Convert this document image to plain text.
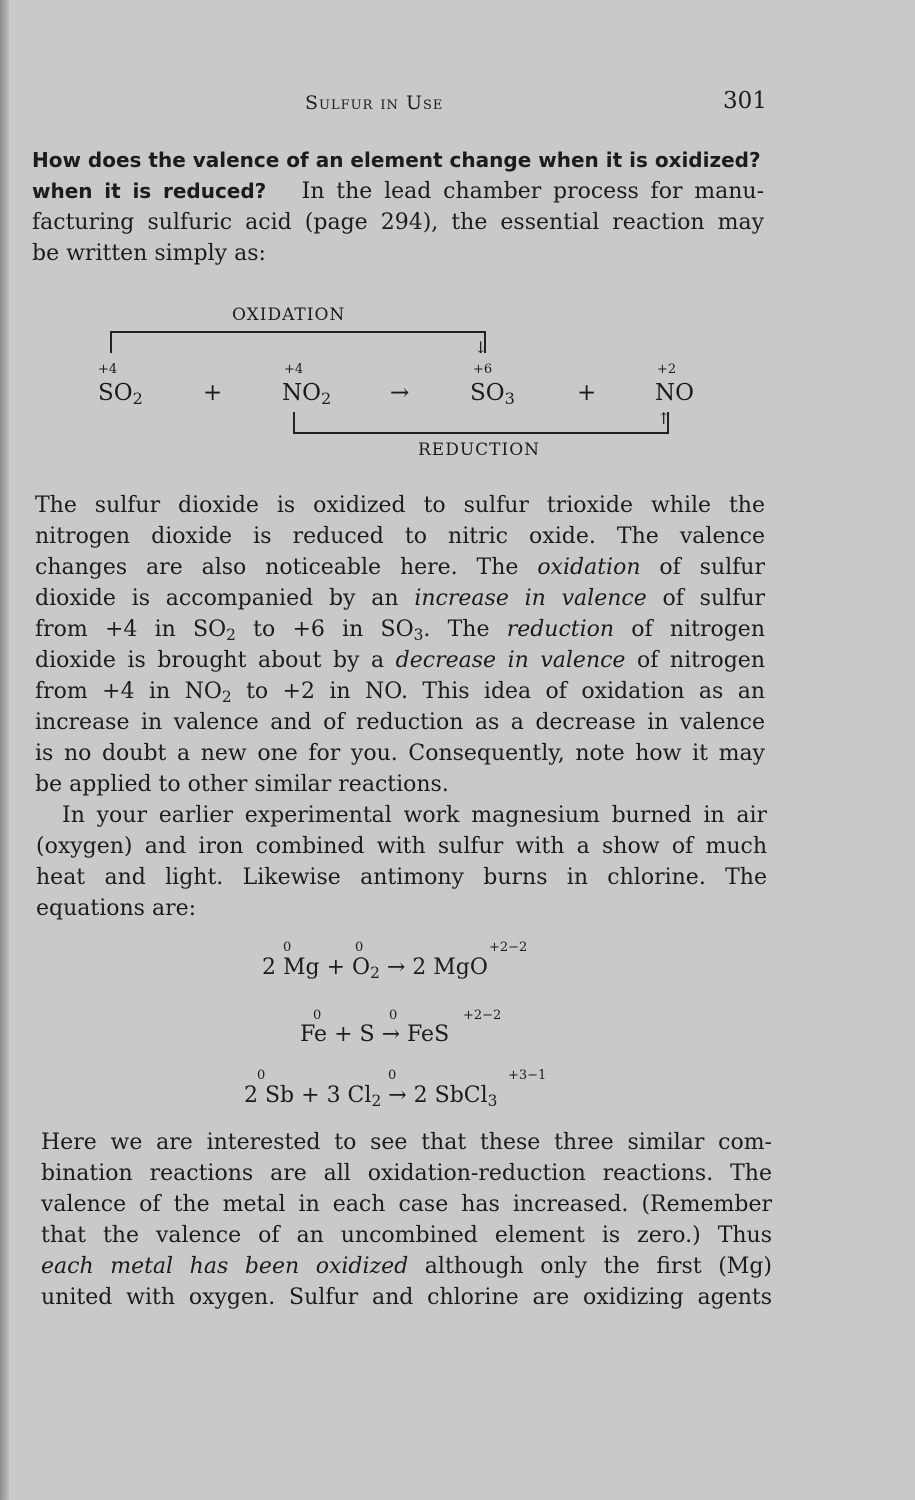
Sulfur in Use	301
How does the valence of an element change when it is oxidized?
when it is reduced? In the lead chamber process for manu-
facturing sulfuric acid (page 294), the essential reaction may
be written simply as:
OXIDATION
↓
+4	+4	+6	+2
$SO_2$	+	$NO_2$	→	$SO_3$	+	NO
↑
REDUCTION
The sulfur dioxide is oxidized to sulfur trioxide while the
nitrogen dioxide is reduced to nitric oxide. The valence
changes are also noticeable here. The oxidation of sulfur
dioxide is accompanied by an increase in valence of sulfur
from +4 in $SO_2$ to +6 in $SO_3$. The reduction of nitrogen
dioxide is brought about by a decrease in valence of nitrogen
from +4 in $NO_2$ to +2 in NO. This idea of oxidation as an
increase in valence and of reduction as a decrease in valence
is no doubt a new one for you. Consequently, note how it may
be applied to other similar reactions.
In your earlier experimental work magnesium burned in air
(oxygen) and iron combined with sulfur with a show of much
heat and light. Likewise antimony burns in chlorine. The
equations are:
0	0	+2−2
2 $Mg + O_2 \to 2$ MgO
0	0	+2−2
Fe + S → FeS
0	0	+3−1
2 Sb + 3 $Cl_2 \to 2$ SbCl$_3$
Here we are interested to see that these three similar com-
bination reactions are all oxidation-reduction reactions. The
valence of the metal in each case has increased. (Remember
that the valence of an uncombined element is zero.) Thus
each metal has been oxidized although only the first (Mg)
united with oxygen. Sulfur and chlorine are oxidizing agents
